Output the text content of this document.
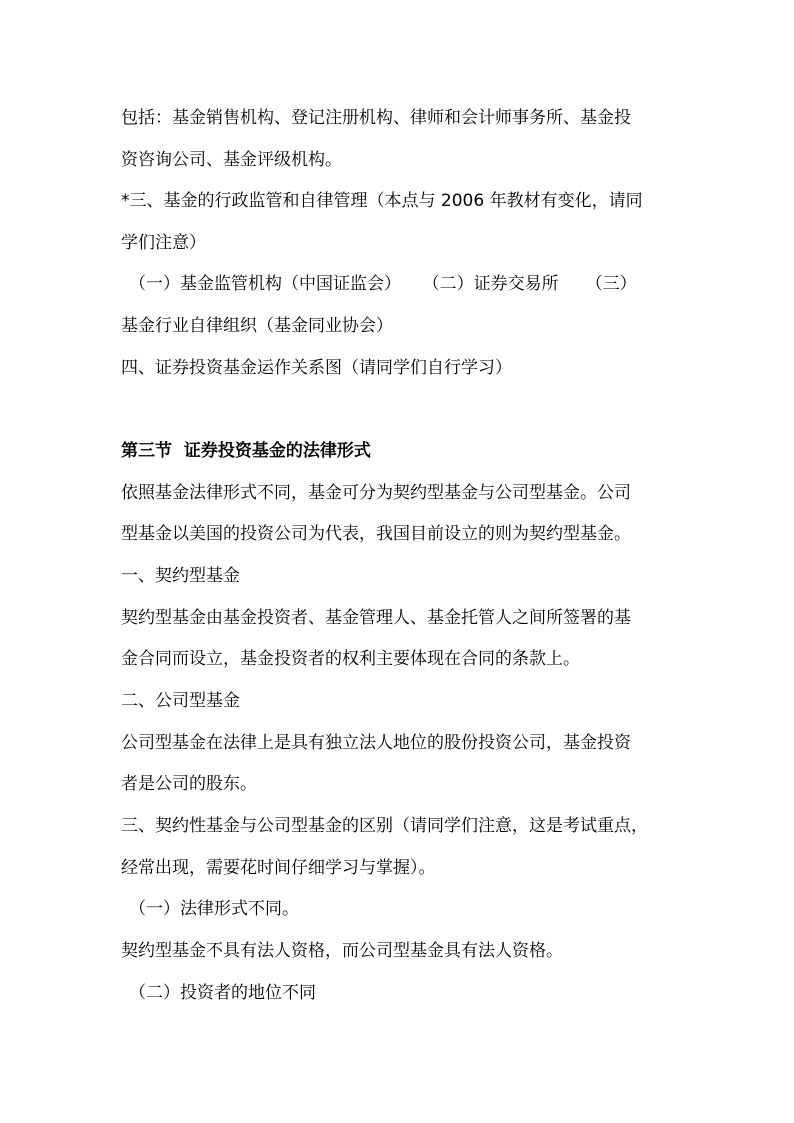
包括：基金销售机构、登记注册机构、律师和会计师事务所、基金投
资咨询公司、基金评级机构。
*三、基金的行政监管和自律管理（本点与 2006 年教材有变化，请同
学们注意）
（一）基金监管机构（中国证监会）    （二）证券交易所     （三）
基金行业自律组织（基金同业协会）
四、证券投资基金运作关系图（请同学们自行学习）
第三节  证券投资基金的法律形式
依照基金法律形式不同，基金可分为契约型基金与公司型基金。公司
型基金以美国的投资公司为代表，我国目前设立的则为契约型基金。
一、契约型基金
契约型基金由基金投资者、基金管理人、基金托管人之间所签署的基
金合同而设立，基金投资者的权利主要体现在合同的条款上。
二、公司型基金
公司型基金在法律上是具有独立法人地位的股份投资公司，基金投资
者是公司的股东。
三、契约性基金与公司型基金的区别（请同学们注意，这是考试重点，
经常出现，需要花时间仔细学习与掌握）。
（一）法律形式不同。
契约型基金不具有法人资格，而公司型基金具有法人资格。
（二）投资者的地位不同
